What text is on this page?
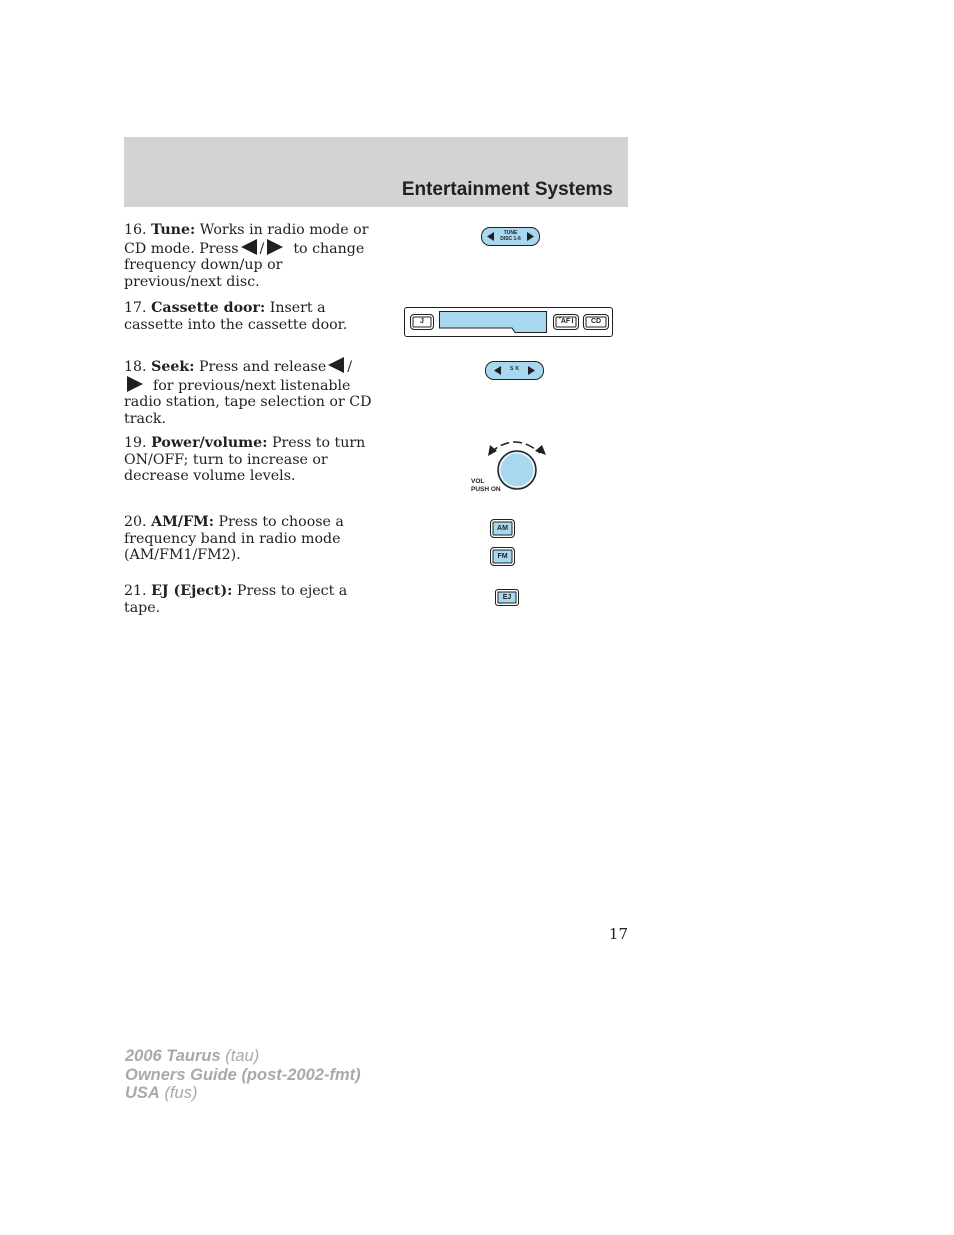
Entertainment Systems
16. Tune: Works in radio mode or CD mode. Press / to change frequency down/up or previous/next disc.
17. Cassette door: Insert a cassette into the cassette door.
18. Seek: Press and release /for previous/next listenable radio station, tape selection or CD track.
19. Power/volume: Press to turn ON/OFF; turn to increase or decrease volume levels.
20. AM/FM: Press to choose a frequency band in radio mode (AM/FM1/FM2).
21. EJ (Eject): Press to eject a tape.
TUNE
DISC 1-6
J	ˇAF I	CD
S  K
VOL
PUSH ON
AM
FM
EJ
17
2006 Taurus (tau)
Owners Guide (post-2002-fmt)
USA (fus)
